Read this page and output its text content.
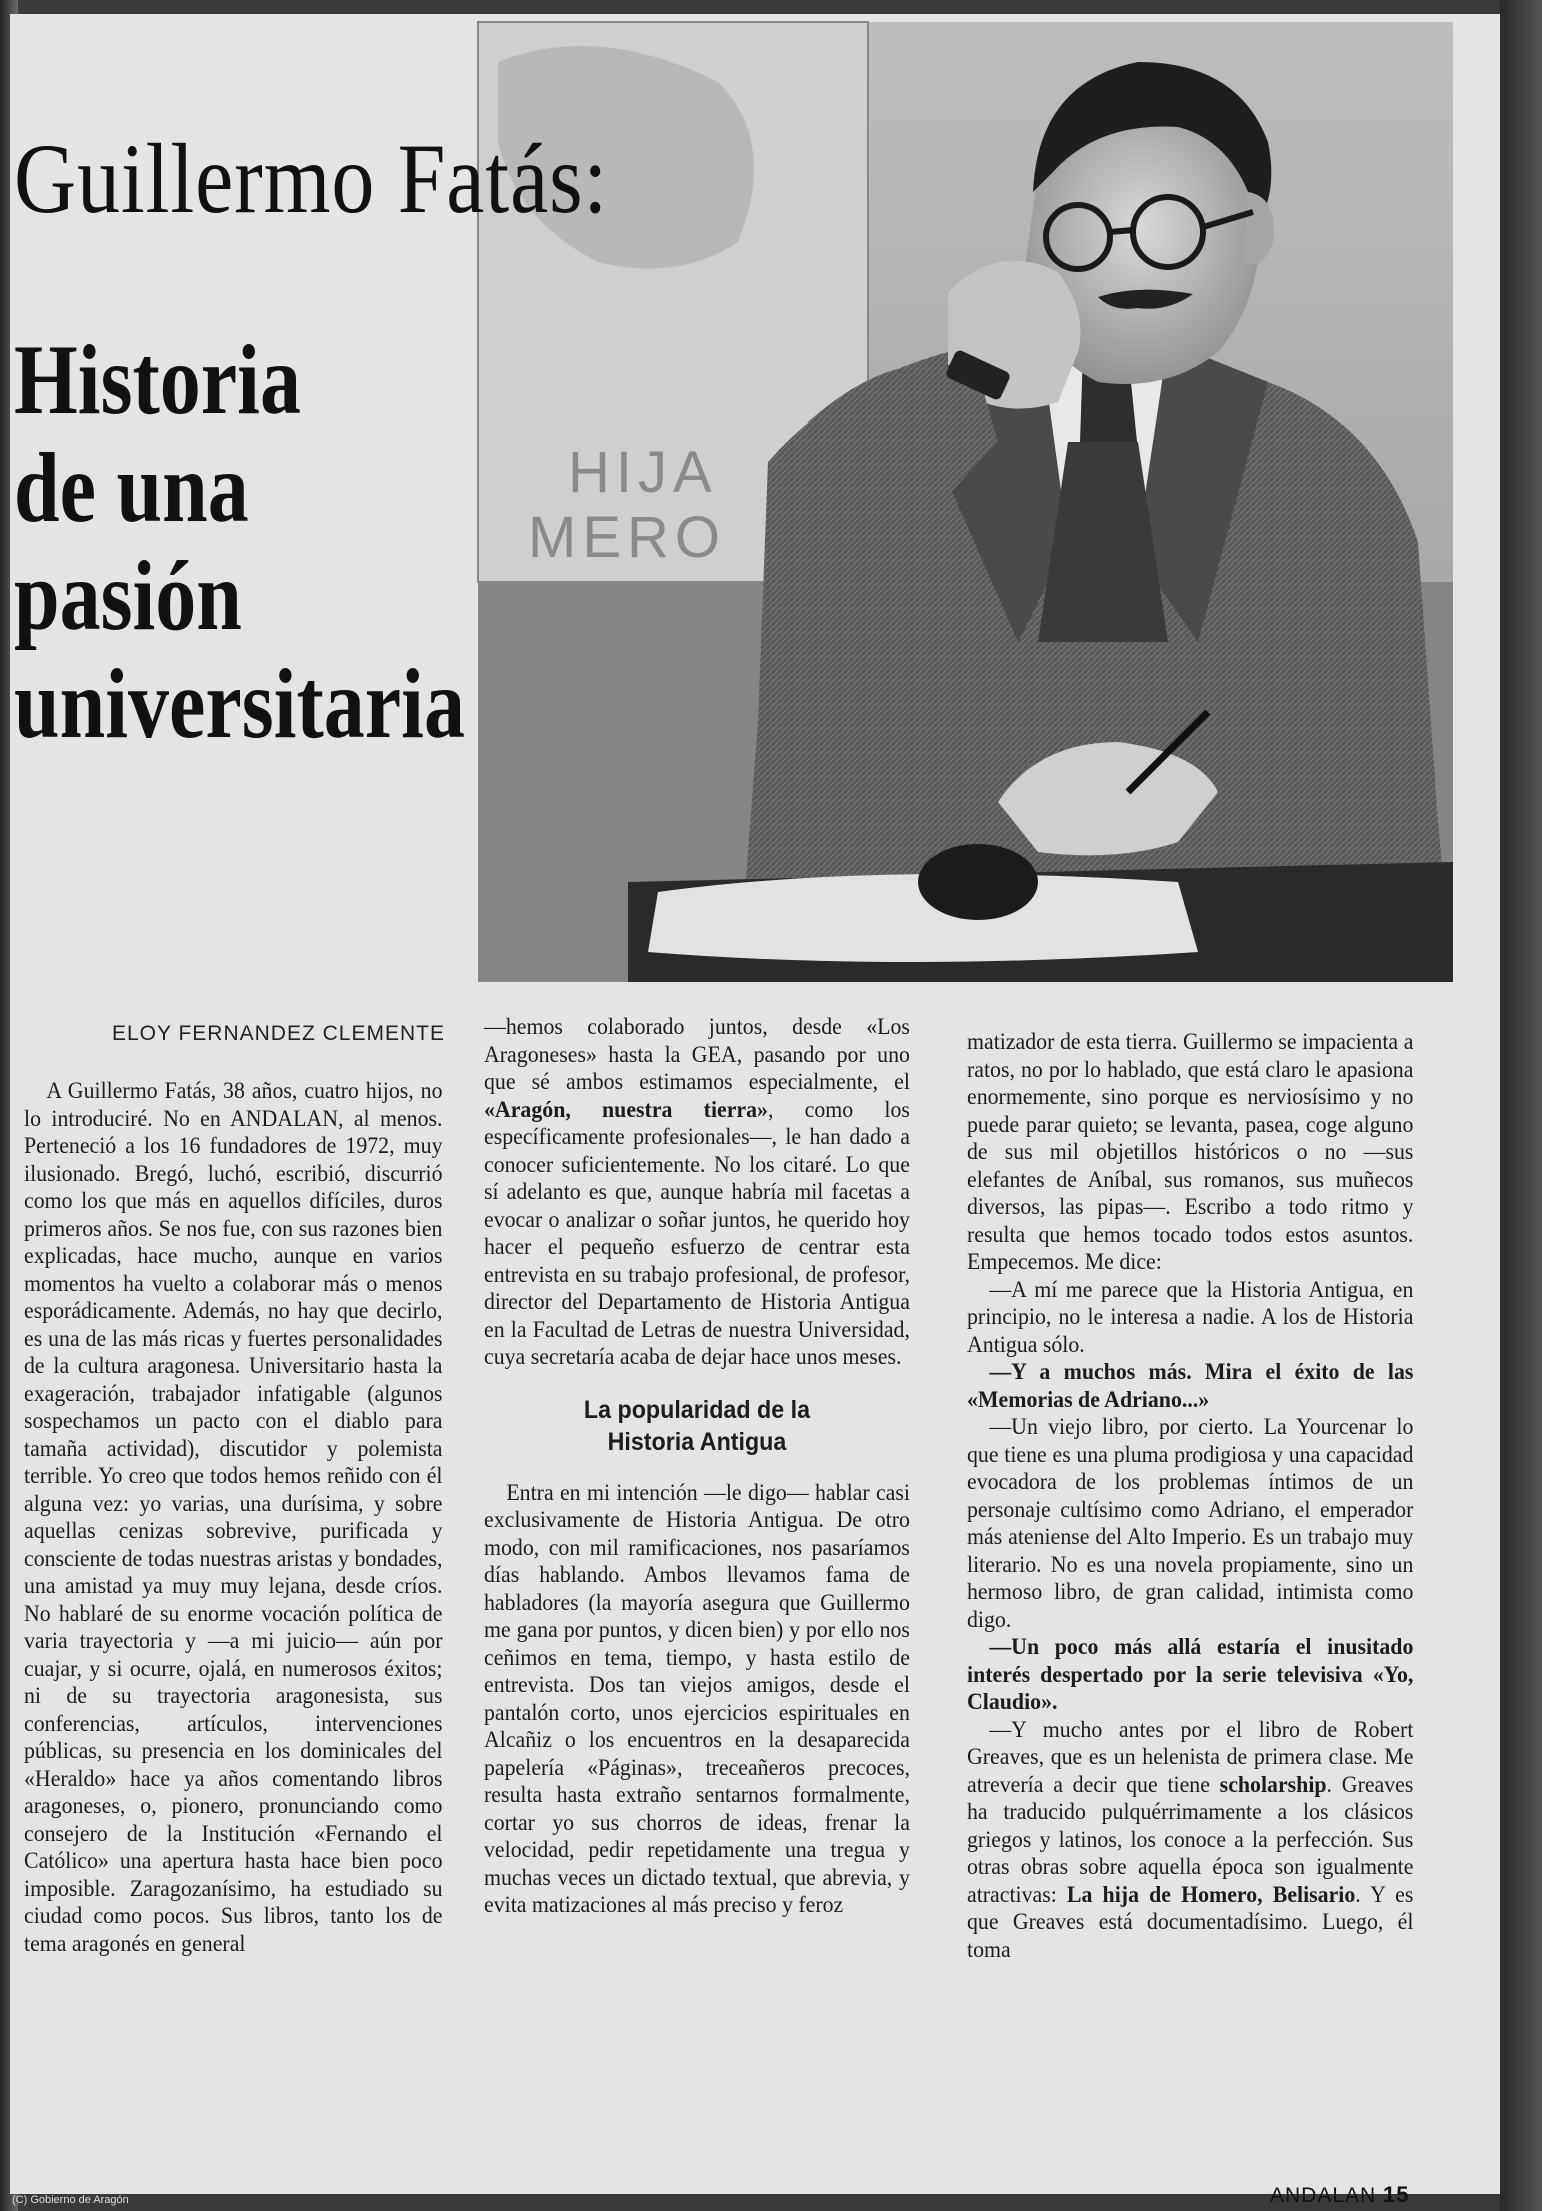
HIJA
MERO
Guillermo Fatás:
Historia
de una
pasión
universitaria
ELOY FERNANDEZ CLEMENTE

A Guillermo Fatás, 38 años, cuatro hijos, no lo introduciré. No en ANDALAN, al menos. Perteneció a los 16 fundadores de 1972, muy ilusionado. Bregó, luchó, escribió, discurrió como los que más en aquellos difíciles, duros primeros años. Se nos fue, con sus razones bien explicadas, hace mucho, aunque en varios momentos ha vuelto a colaborar más o menos esporádicamente. Además, no hay que decirlo, es una de las más ricas y fuertes personalidades de la cultura aragonesa. Universitario hasta la exageración, trabajador infatigable (algunos sospechamos un pacto con el diablo para tamaña actividad), discutidor y polemista terrible. Yo creo que todos hemos reñido con él alguna vez: yo varias, una durísima, y sobre aquellas cenizas sobrevive, purificada y consciente de todas nuestras aristas y bondades, una amistad ya muy muy lejana, desde críos. No hablaré de su enorme vocación política de varia trayectoria y —a mi juicio— aún por cuajar, y si ocurre, ojalá, en numerosos éxitos; ni de su trayectoria aragonesista, sus conferencias, artículos, intervenciones públicas, su presencia en los dominicales del «Heraldo» hace ya años comentando libros aragoneses, o, pionero, pronunciando como consejero de la Institución «Fernando el Católico» una apertura hasta hace bien poco imposible. Zaragozanísimo, ha estudiado su ciudad como pocos. Sus libros, tanto los de tema aragonés en general

—hemos colaborado juntos, desde «Los Aragoneses» hasta la GEA, pasando por uno que sé ambos estimamos especialmente, el «Aragón, nuestra tierra», como los específicamente profesionales—, le han dado a conocer suficientemente. No los citaré. Lo que sí adelanto es que, aunque habría mil facetas a evocar o analizar o soñar juntos, he querido hoy hacer el pequeño esfuerzo de centrar esta entrevista en su trabajo profesional, de profesor, director del Departamento de Historia Antigua en la Facultad de Letras de nuestra Universidad, cuya secretaría acaba de dejar hace unos meses.

La popularidad de la
Historia Antigua

Entra en mi intención —le digo— hablar casi exclusivamente de Historia Antigua. De otro modo, con mil ramificaciones, nos pasaríamos días hablando. Ambos llevamos fama de habladores (la mayoría asegura que Guillermo me gana por puntos, y dicen bien) y por ello nos ceñimos en tema, tiempo, y hasta estilo de entrevista. Dos tan viejos amigos, desde el pantalón corto, unos ejercicios espirituales en Alcañiz o los encuentros en la desaparecida papelería «Páginas», treceañeros precoces, resulta hasta extraño sentarnos formalmente, cortar yo sus chorros de ideas, frenar la velocidad, pedir repetidamente una tregua y muchas veces un dictado textual, que abrevia, y evita matizaciones al más preciso y feroz

matizador de esta tierra. Guillermo se impacienta a ratos, no por lo hablado, que está claro le apasiona enormemente, sino porque es nerviosísimo y no puede parar quieto; se levanta, pasea, coge alguno de sus mil objetillos históricos o no —sus elefantes de Aníbal, sus romanos, sus muñecos diversos, las pipas—. Escribo a todo ritmo y resulta que hemos tocado todos estos asuntos. Empecemos. Me dice:

—A mí me parece que la Historia Antigua, en principio, no le interesa a nadie. A los de Historia Antigua sólo.

—Y a muchos más. Mira el éxito de las «Memorias de Adriano...»

—Un viejo libro, por cierto. La Yourcenar lo que tiene es una pluma prodigiosa y una capacidad evocadora de los problemas íntimos de un personaje cultísimo como Adriano, el emperador más ateniense del Alto Imperio. Es un trabajo muy literario. No es una novela propiamente, sino un hermoso libro, de gran calidad, intimista como digo.

—Un poco más allá estaría el inusitado interés despertado por la serie televisiva «Yo, Claudio».

—Y mucho antes por el libro de Robert Greaves, que es un helenista de primera clase. Me atrevería a decir que tiene scholarship. Greaves ha traducido pulquérrimamente a los clásicos griegos y latinos, los conoce a la perfección. Sus otras obras sobre aquella época son igualmente atractivas: La hija de Homero, Belisario. Y es que Greaves está documentadísimo. Luego, él toma

ANDALAN 15
(C) Gobierno de Aragón
